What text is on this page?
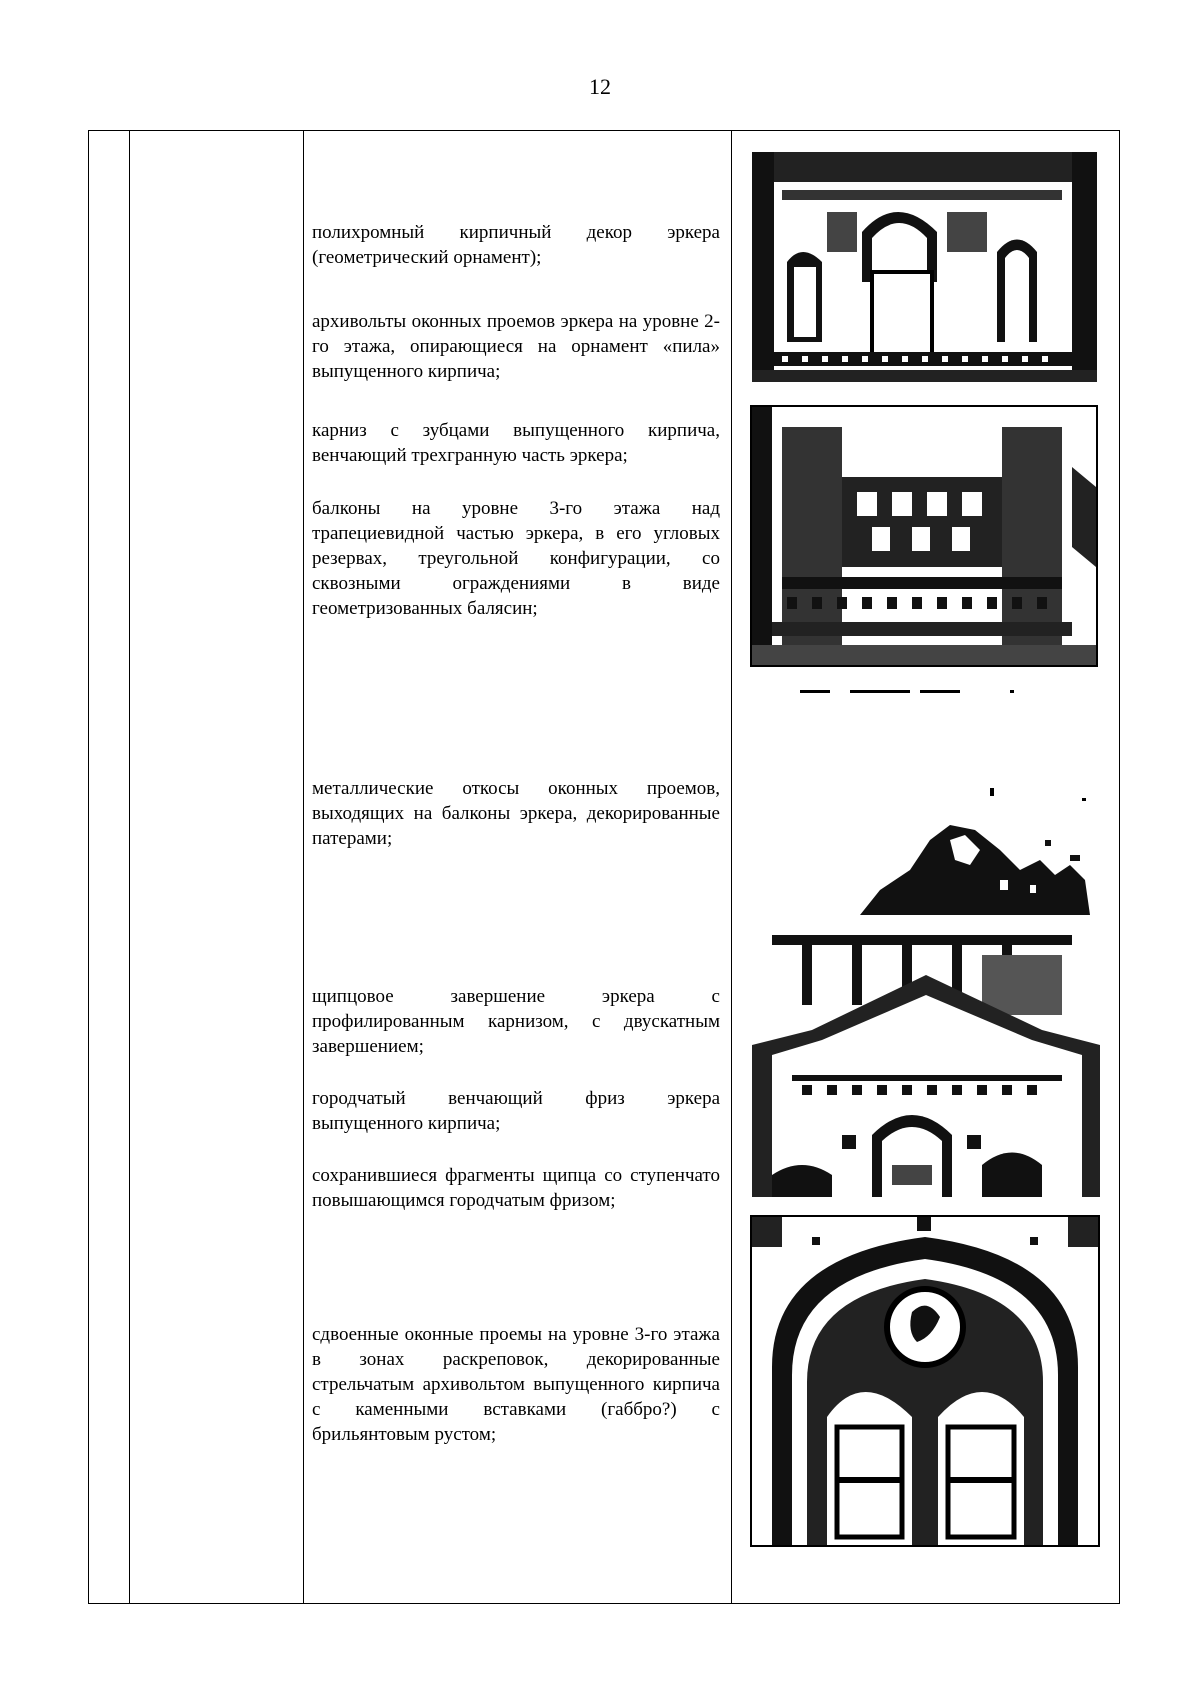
12

полихромный кирпичный декор эркера (геометрический орнамент);

архивольты оконных проемов эркера на уровне 2-го этажа, опирающиеся на орнамент «пила» выпущенного кирпича;

карниз с зубцами выпущенного кирпича, венчающий трехгранную часть эркера;

балконы на уровне 3-го этажа над трапециевидной частью эркера, в его угловых резервах, треугольной конфигурации, со сквозными ограждениями в виде геометризованных балясин;

металлические откосы оконных проемов, выходящих на балконы эркера, декорированные патерами;

щипцовое завершение эркера с профилированным карнизом, с двускатным завершением;

городчатый венчающий фриз эркера выпущенного кирпича;

сохранившиеся фрагменты щипца со ступенчато повышающимся городчатым фризом;

сдвоенные оконные проемы на уровне 3-го этажа в зонах раскреповок, декорированные стрельчатым архивольтом выпущенного кирпича с каменными вставками (габбро?) с брильянтовым рустом;
